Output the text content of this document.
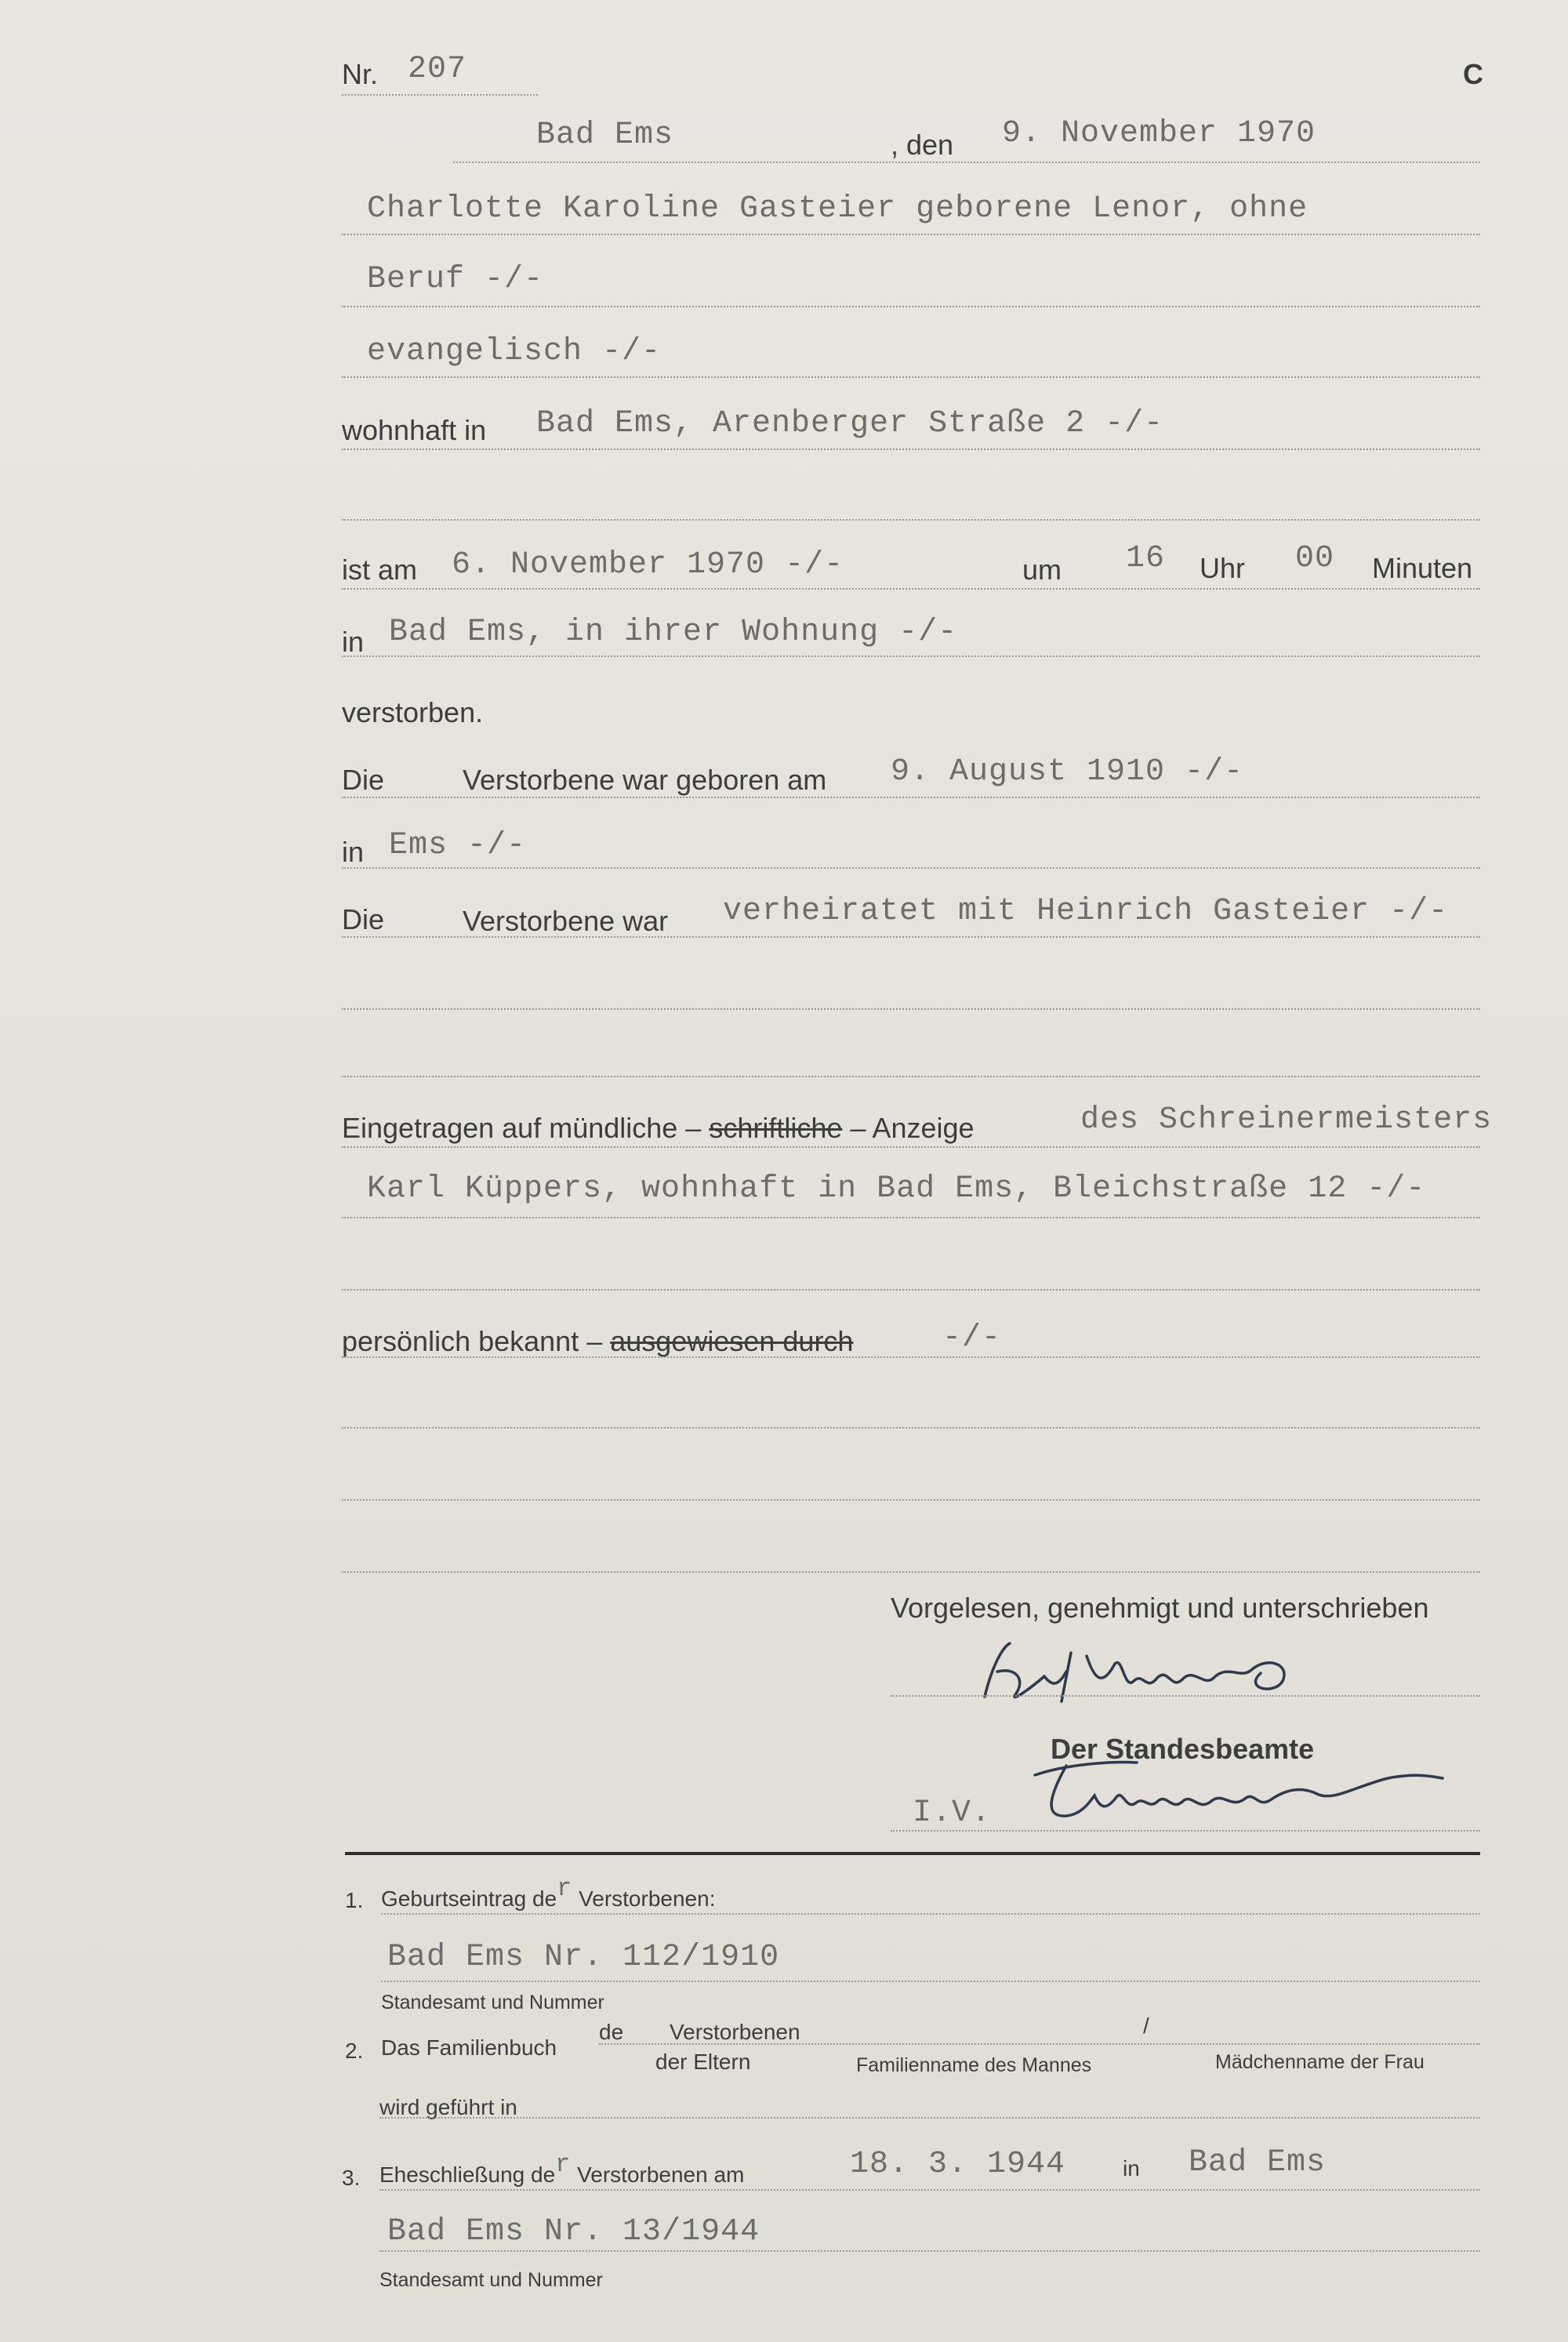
Nr. 207	C
Bad Ems	, den 9. November 1970
Charlotte Karoline Gasteier geborene Lenor, ohne
Beruf -/-
evangelisch -/-
wohnhaft in Bad Ems, Arenberger Straße 2 -/-
ist am 6. November 1970 -/-	um 16 Uhr 00 Minuten
in Bad Ems, in ihrer Wohnung -/-
verstorben.
Die	Verstorbene war geboren am 9. August 1910 -/-
in Ems -/-
Die	Verstorbene war verheiratet mit Heinrich Gasteier -/-
Eingetragen auf mündliche – schriftliche – Anzeige	des Schreinermeisters
Karl Küppers, wohnhaft in Bad Ems, Bleichstraße 12 -/-
persönlich bekannt – ausgewiesen durch	-/-
Vorgelesen, genehmigt und unterschrieben
Der Standesbeamte
I.V.
1. Geburtseintrag der Verstorbenen:
Bad Ems Nr. 112/1910
Standesamt und Nummer
2. Das Familienbuch
de Verstorbenen	/
der Eltern	Familienname des Mannes	Mädchenname der Frau
wird geführt in
3. Eheschließung der Verstorbenen am	18. 3. 1944	in Bad Ems
Bad Ems Nr. 13/1944
Standesamt und Nummer
